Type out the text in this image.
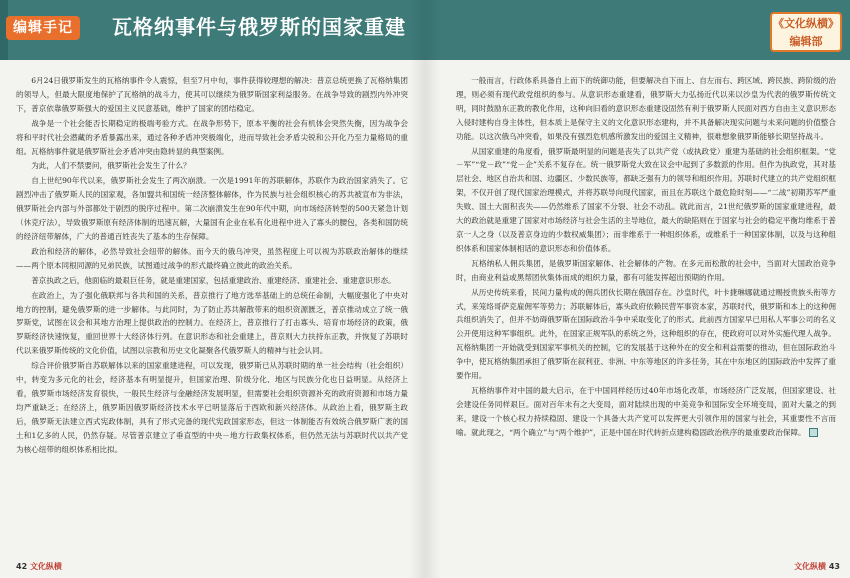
编辑手记	瓦格纳事件与俄罗斯的国家重建	《文化纵横》
编辑部

6月24日俄罗斯发生的瓦格纳事件令人震惊，但至7月中旬，事件获得较理想的解决：普京总统更换了瓦格纳集团的领导人，但最大限度地保护了瓦格纳的战斗力，使其可以继续为俄罗斯国家利益服务。在战争导致的剧烈内外冲突下，普京依靠俄罗斯强大的爱国主义民意基础，维护了国家的团结稳定。

战争是一个社会能否长期稳定的极端考验方式。在战争形势下，原本平衡的社会有机体会突然失衡，因为战争会将和平时代社会潜藏的矛盾暴露出来，通过各种矛盾冲突极端化，进而导致社会矛盾尖锐和公开化乃至力量格局的重组。瓦格纳事件就是俄罗斯社会矛盾冲突由隐转显的典型案例。

为此，人们不禁要问，俄罗斯社会发生了什么？

自上世纪90年代以来，俄罗斯社会发生了两次崩溃。一次是1991年的苏联解体，苏联作为政治国家消失了。它剧烈冲击了俄罗斯人民的国家观，各加盟共和国统一经济整体解体，作为民族与社会组织核心的苏共被宣布为非法，俄罗斯社会内部与外部都处于剧烈的脱序过程中。第二次崩溃发生在90年代中期，向市场经济转型的500天紧急计划（休克疗法），导致俄罗斯原有经济体制的迅速瓦解，大量国有企业在私有化进程中进入了寡头的腰包，各类和国防统的经济纽带解体，广大的普通百姓丧失了基本的生存保障。

政治和经济的解体，必然导致社会纽带的解体。而今天的俄乌冲突，虽然程度上可以视为苏联政治解体的继续——两个原本同根同源的兄弟民族，试图通过战争的形式最终确立彼此的政治关系。

普京执政之后，他面临的最艰巨任务，就是重建国家，包括重建政治、重建经济、重建社会、重建意识形态。

在政治上，为了强化俄联邦与各共和国的关系，普京推行了地方选举基础上的总统任命制，大幅度强化了中央对地方的控制，避免俄罗斯的进一步解体。与此同时，为了防止苏共解散带来的组织资源匮乏，普京推动成立了统一俄罗斯党，试图在议会和其地方治理上提供政治的控制力。在经济上，普京推行了打击寡头、培育市场经济的政策，俄罗斯经济快速恢复，重回世界十大经济体行列。在意识形态和社会重建上，普京则大力扶持东正教，并恢复了苏联时代以来俄罗斯传统的文化价值，试图以宗教和历史文化凝聚各代俄罗斯人的精神与社会认同。

综合评价俄罗斯自苏联解体以来的国家重建进程，可以发现，俄罗斯已从苏联时期的单一社会结构（社会组织）中，转变为多元化的社会，经济基本有明显提升，但国家治理、阶级分化、地区与民族分化也日益明显。从经济上看，俄罗斯市场经济发育很快，一般民生经济与金融经济发展明显，但需要社会组织资源补充的政府资源和市场力量均严重缺乏；在经济上，俄罗斯因俄罗斯经济技术水平已明显落后于西欧和新兴经济体。从政治上看，俄罗斯主政后，俄罗斯无法建立西式宪政体制，具有了形式完备的现代宪政国家形态，但这一体制能否有效统合俄罗斯广袤的国土和1亿多的人民，仍然存疑。尽管普京建立了垂直型的中央－地方行政集权体系，但仍然无法与苏联时代以共产党为核心纽带的组织体系相比拟。

一般而言，行政体系具备自上而下的统御功能，但要解决自下而上、自左而右、跨区域、跨民族、跨阶级的治理，则必须有现代政党组织的参与。从意识形态重建看，俄罗斯大力弘扬近代以来以沙皇为代表的俄罗斯传统文明，同时鼓励东正教的教化作用，这种向旧看的意识形态重建设固然有利于俄罗斯人民面对西方自由主义意识形态入侵时建构自身主体性，但本质上是保守主义的文化意识形态建构，并不具备解决现实问题与未来问题的价值整合功能。以这次俄乌冲突看，如果没有强烈危机感所激发出的爱国主义精神，很难想象俄罗斯能够长期坚持战斗。

从国家重建的角度看，俄罗斯最明显的问题是丧失了以共产党（或执政党）重建为基础的社会组织框架。“党－军”“党－政”“党－企”关系不复存在。统一俄罗斯党大致在议会中起到了多数派的作用。但作为执政党，其对基层社会、地区自治共和国、边疆区、少数民族等，都缺乏强有力的领导和组织作用。苏联时代建立的共产党组织框架，不仅开创了现代国家治理模式，并将苏联导向现代国家，而且在苏联这个最危险时刻——“二战”初期苏军严重失败、国土大面积丧失——仍然维系了国家不分裂、社会不动乱。就此而言，21世纪俄罗斯的国家重建进程，最大的政治就是重建了国家对市场经济与社会生活的主导地位，最大的缺陷则在于国家与社会的稳定平衡均维系于普京一人之身（以及普京身边的少数权威集团）；而非维系于一种组织体系，或维系于一种国家体制，以及与这种组织体系和国家体制相话的意识形态和价值体系。

瓦格纳私人佣兵集团，是俄罗斯国家解体、社会解体的产物。在多元而松散的社会中，当面对大国政治竞争时，由商业利益或黑帮团伙集体而成的组织力量，都有可能发挥超出预期的作用。

从历史传统来看，民间力量构成的佣兵团伙长期在俄国存在。沙皇时代，叶卡捷琳娜就通过赐授贵族头衔等方式，来笼络哥萨克雇佣军等势力；苏联解体后，寡头政府依赖民营军事资本家，苏联时代，俄罗斯和本上的这种佣兵组织消失了，但并不妨碍俄罗斯在国际政治斗争中采取变化了的形式。此前西方国家早已用私人军事公司的名义公开使用这种军事组织。此外，在国家正规军队的系统之外，这种组织的存在，使政府可以对外实施代理人战争。瓦格纳集团一开始就受到国家军事机关的控制，它的发展基于这种外在的安全和利益需要的推动，但在国际政治斗争中，使瓦格纳集团承担了俄罗斯在叙利亚、非洲、中东等地区的许多任务，其在中东地区的国际政治中发挥了重要作用。

瓦格纳事件对中国的最大启示，在于中国同样经历过40年市场化改革，市场经济广泛发展，但国家建设、社会建设任务同样艰巨。面对百年未有之大变局，面对陆续出现的中美竞争和国际安全环境变局，面对大量之的到来，建设一个核心权力持续稳固、建设一个具备大共产党可以发挥更大引领作用的国家与社会，其重要性不言而喻。就此现之，“两个确立”与“两个维护”，正是中国在时代转折点建构稳固政治秩序的最重要政治保障。

42 文化纵横	文化纵横 43
